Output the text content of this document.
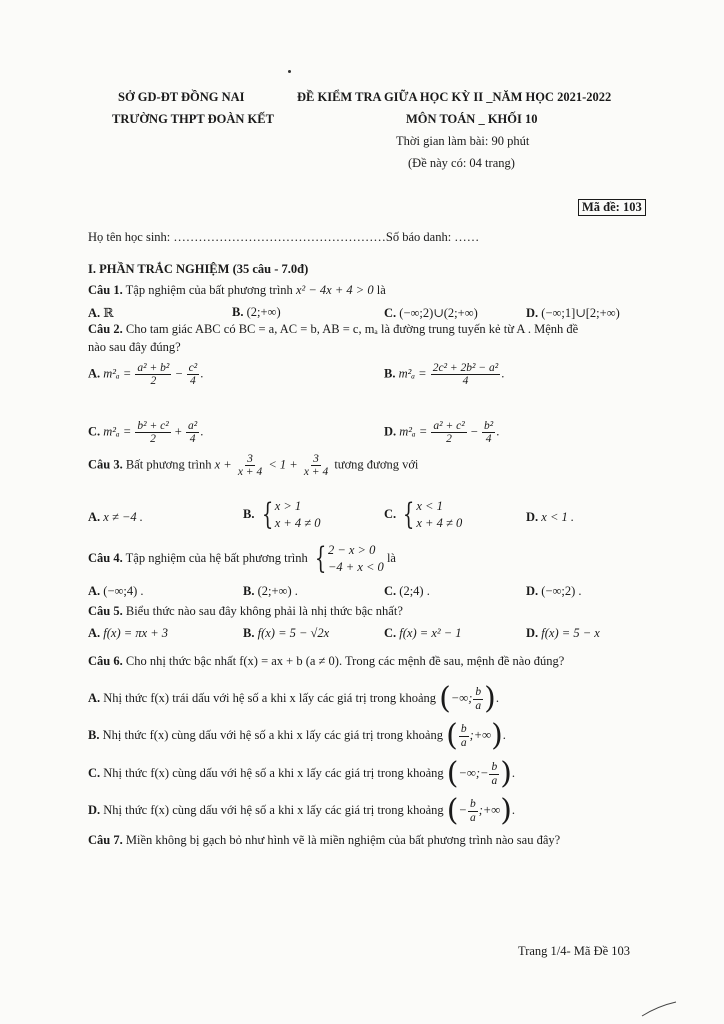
SỞ GD-ĐT ĐỒNG NAI	ĐỀ KIỂM TRA GIỮA HỌC KỲ II _NĂM HỌC 2021-2022
TRƯỜNG THPT ĐOÀN KẾT	MÔN TOÁN _ KHỐI 10
Thời gian làm bài: 90 phút
(Đề này có: 04 trang)
Mã đề: 103
Họ tên học sinh: ……………………………………………Số báo danh: ……
I. PHẦN TRẮC NGHIỆM (35 câu - 7.0đ)
Câu 1. Tập nghiệm của bất phương trình x² − 4x + 4 > 0 là
A. ℝ	B. (2;+∞)	C. (−∞;2)∪(2;+∞)	D. (−∞;1]∪[2;+∞)
Câu 2. Cho tam giác ABC có BC = a, AC = b, AB = c, mₐ là đường trung tuyến kẻ từ A . Mệnh đề
nào sau đây đúng?
A. $m^2_a = \frac{\text{a² + b²}}{2} - \frac{\text{c²}}{4}$ .	B. $m^2_a = \frac{\text{2c² + 2b² − a²}}{4}$ .
C. $m^2_a = \frac{\text{b² + c²}}{2} + \frac{\text{a²}}{4}$ .	D. $m^2_a = \frac{\text{a² + c²}}{2} - \frac{\text{b²}}{4}$ .
Câu 3. Bất phương trình $x + \frac{3}{x + 4} < 1 + \frac{3}{x + 4}$ tương đương với
A. x ≠ −4 .	B. { x > 1
x + 4 ≠ 0
C. { x < 1
x + 4 ≠ 0	D. x < 1 .
Câu 4. Tập nghiệm của hệ bất phương trình { 2 − x > 0
−4 + x < 0
là
A. (−∞;4) .	B. (2;+∞) .	C. (2;4) .	D. (−∞;2) .
Câu 5. Biểu thức nào sau đây không phải là nhị thức bậc nhất?
A. f(x) = πx + 3	B. f(x) = 5 − √2x	C. f(x) = x² − 1	D. f(x) = 5 − x
Câu 6. Cho nhị thức bậc nhất f(x) = ax + b (a ≠ 0). Trong các mệnh đề sau, mệnh đề nào đúng?
A. Nhị thức f(x) trái dấu với hệ số a khi x lấy các giá trị trong khoảng (−∞; $\frac{b}{a}$ ).
B. Nhị thức f(x) cùng dấu với hệ số a khi x lấy các giá trị trong khoảng ( $\frac{b}{a}$ ;+∞).
C. Nhị thức f(x) cùng dấu với hệ số a khi x lấy các giá trị trong khoảng (−∞;− $\frac{b}{a}$ ).
D. Nhị thức f(x) cùng dấu với hệ số a khi x lấy các giá trị trong khoảng (− $\frac{b}{a}$ ;+∞).
Câu 7. Miền không bị gạch bỏ như hình vẽ là miền nghiệm của bất phương trình nào sau đây?
Trang 1/4- Mã Đề 103
